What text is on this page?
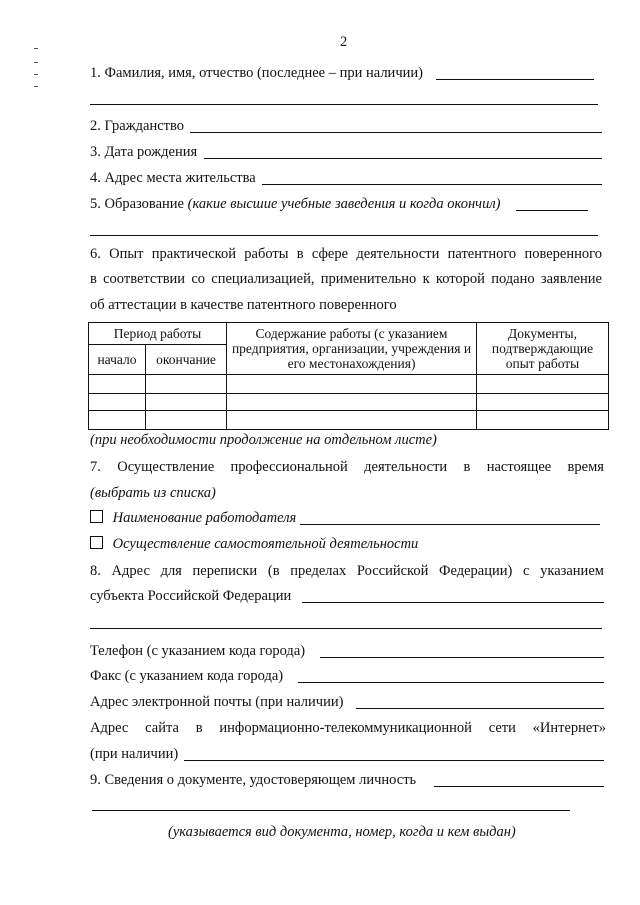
2
1. Фамилия, имя, отчество (последнее – при наличии)
2. Гражданство
3. Дата рождения
4. Адрес места жительства
5. Образование (какие высшие учебные заведения и когда окончил)
6. Опыт практической работы в сфере деятельности патентного поверенного
в соответствии со специализацией, применительно к которой подано заявление
об аттестации в качестве патентного поверенного
Период работы		Содержание работы (с указанием предприятия, организации, учреждения и его местонахождения)	Документы, подтверждающие опыт работы
начало	окончание		

(при необходимости продолжение на отдельном листе)
7. Осуществление профессиональной деятельности в настоящее время
(выбрать из списка)
Наименование работодателя
Осуществление самостоятельной деятельности
8. Адрес для переписки (в пределах Российской Федерации) с указанием
субъекта Российской Федерации
Телефон (с указанием кода города)
Факс (с указанием кода города)
Адрес электронной почты (при наличии)
Адрес сайта в информационно-телекоммуникационной сети «Интернет»
(при наличии)
9. Сведения о документе, удостоверяющем личность
(указывается вид документа, номер, когда и кем выдан)
